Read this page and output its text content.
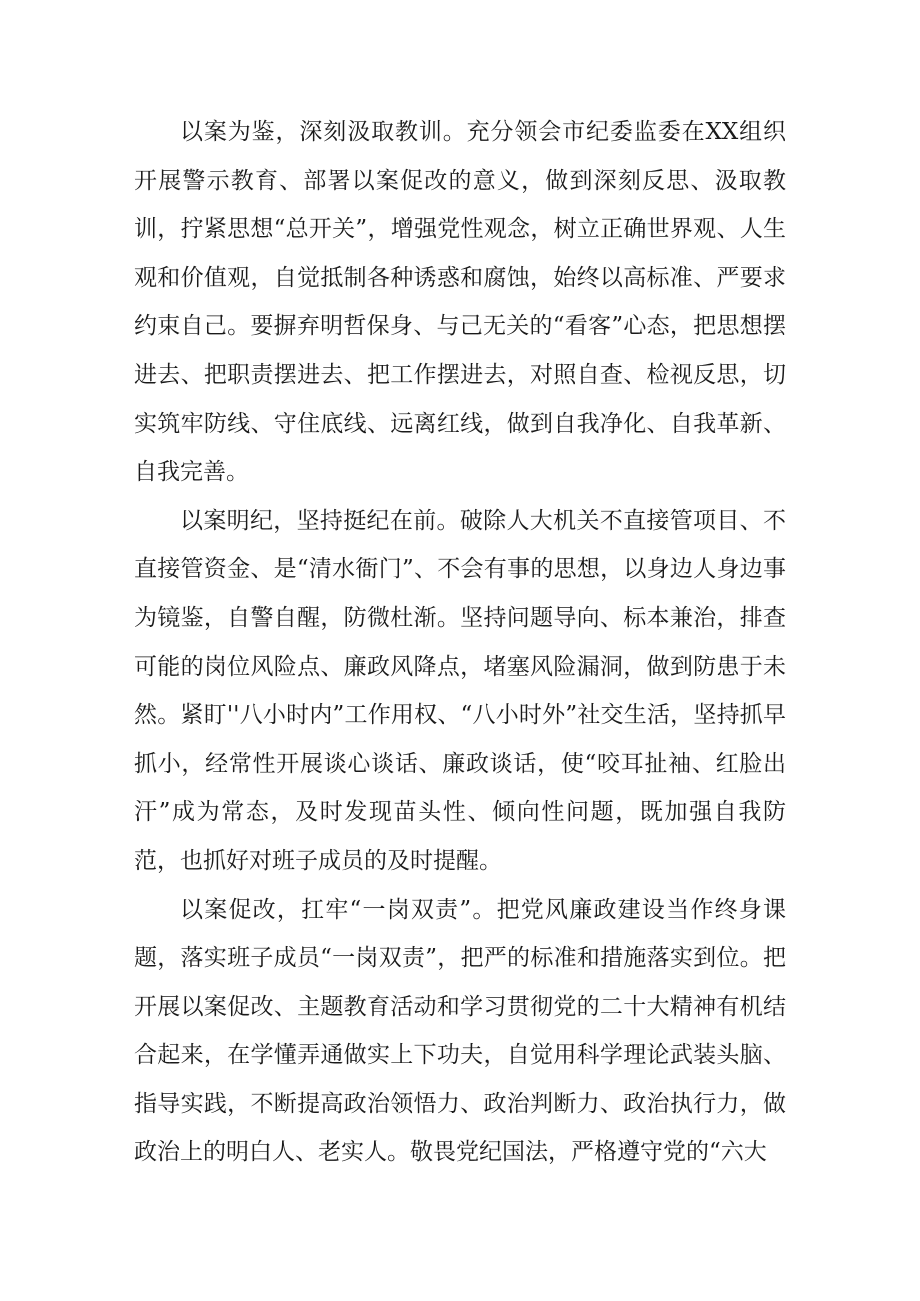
以案为鉴，深刻汲取教训。充分领会市纪委监委在XX组织开展警示教育、部署以案促改的意义，做到深刻反思、汲取教训，拧紧思想“总开关”，增强党性观念，树立正确世界观、人生观和价值观，自觉抵制各种诱惑和腐蚀，始终以高标准、严要求约束自己。要摒弃明哲保身、与己无关的“看客”心态，把思想摆进去、把职责摆进去、把工作摆进去，对照自查、检视反思，切实筑牢防线、守住底线、远离红线，做到自我净化、自我革新、自我完善。

以案明纪，坚持挺纪在前。破除人大机关不直接管项目、不直接管资金、是“清水衙门”、不会有事的思想，以身边人身边事为镜鉴，自警自醒，防微杜渐。坚持问题导向、标本兼治，排查可能的岗位风险点、廉政风降点，堵塞风险漏洞，做到防患于未然。紧盯''八小时内”工作用权、“八小时外”社交生活，坚持抓早抓小，经常性开展谈心谈话、廉政谈话，使“咬耳扯袖、红脸出汗”成为常态，及时发现苗头性、倾向性问题，既加强自我防范，也抓好对班子成员的及时提醒。

以案促改，扛牢“一岗双责”。把党风廉政建设当作终身课题，落实班子成员“一岗双责”，把严的标准和措施落实到位。把开展以案促改、主题教育活动和学习贯彻党的二十大精神有机结合起来，在学懂弄通做实上下功夫，自觉用科学理论武装头脑、指导实践，不断提高政治领悟力、政治判断力、政治执行力，做政治上的明白人、老实人。敬畏党纪国法，严格遵守党的“六大
